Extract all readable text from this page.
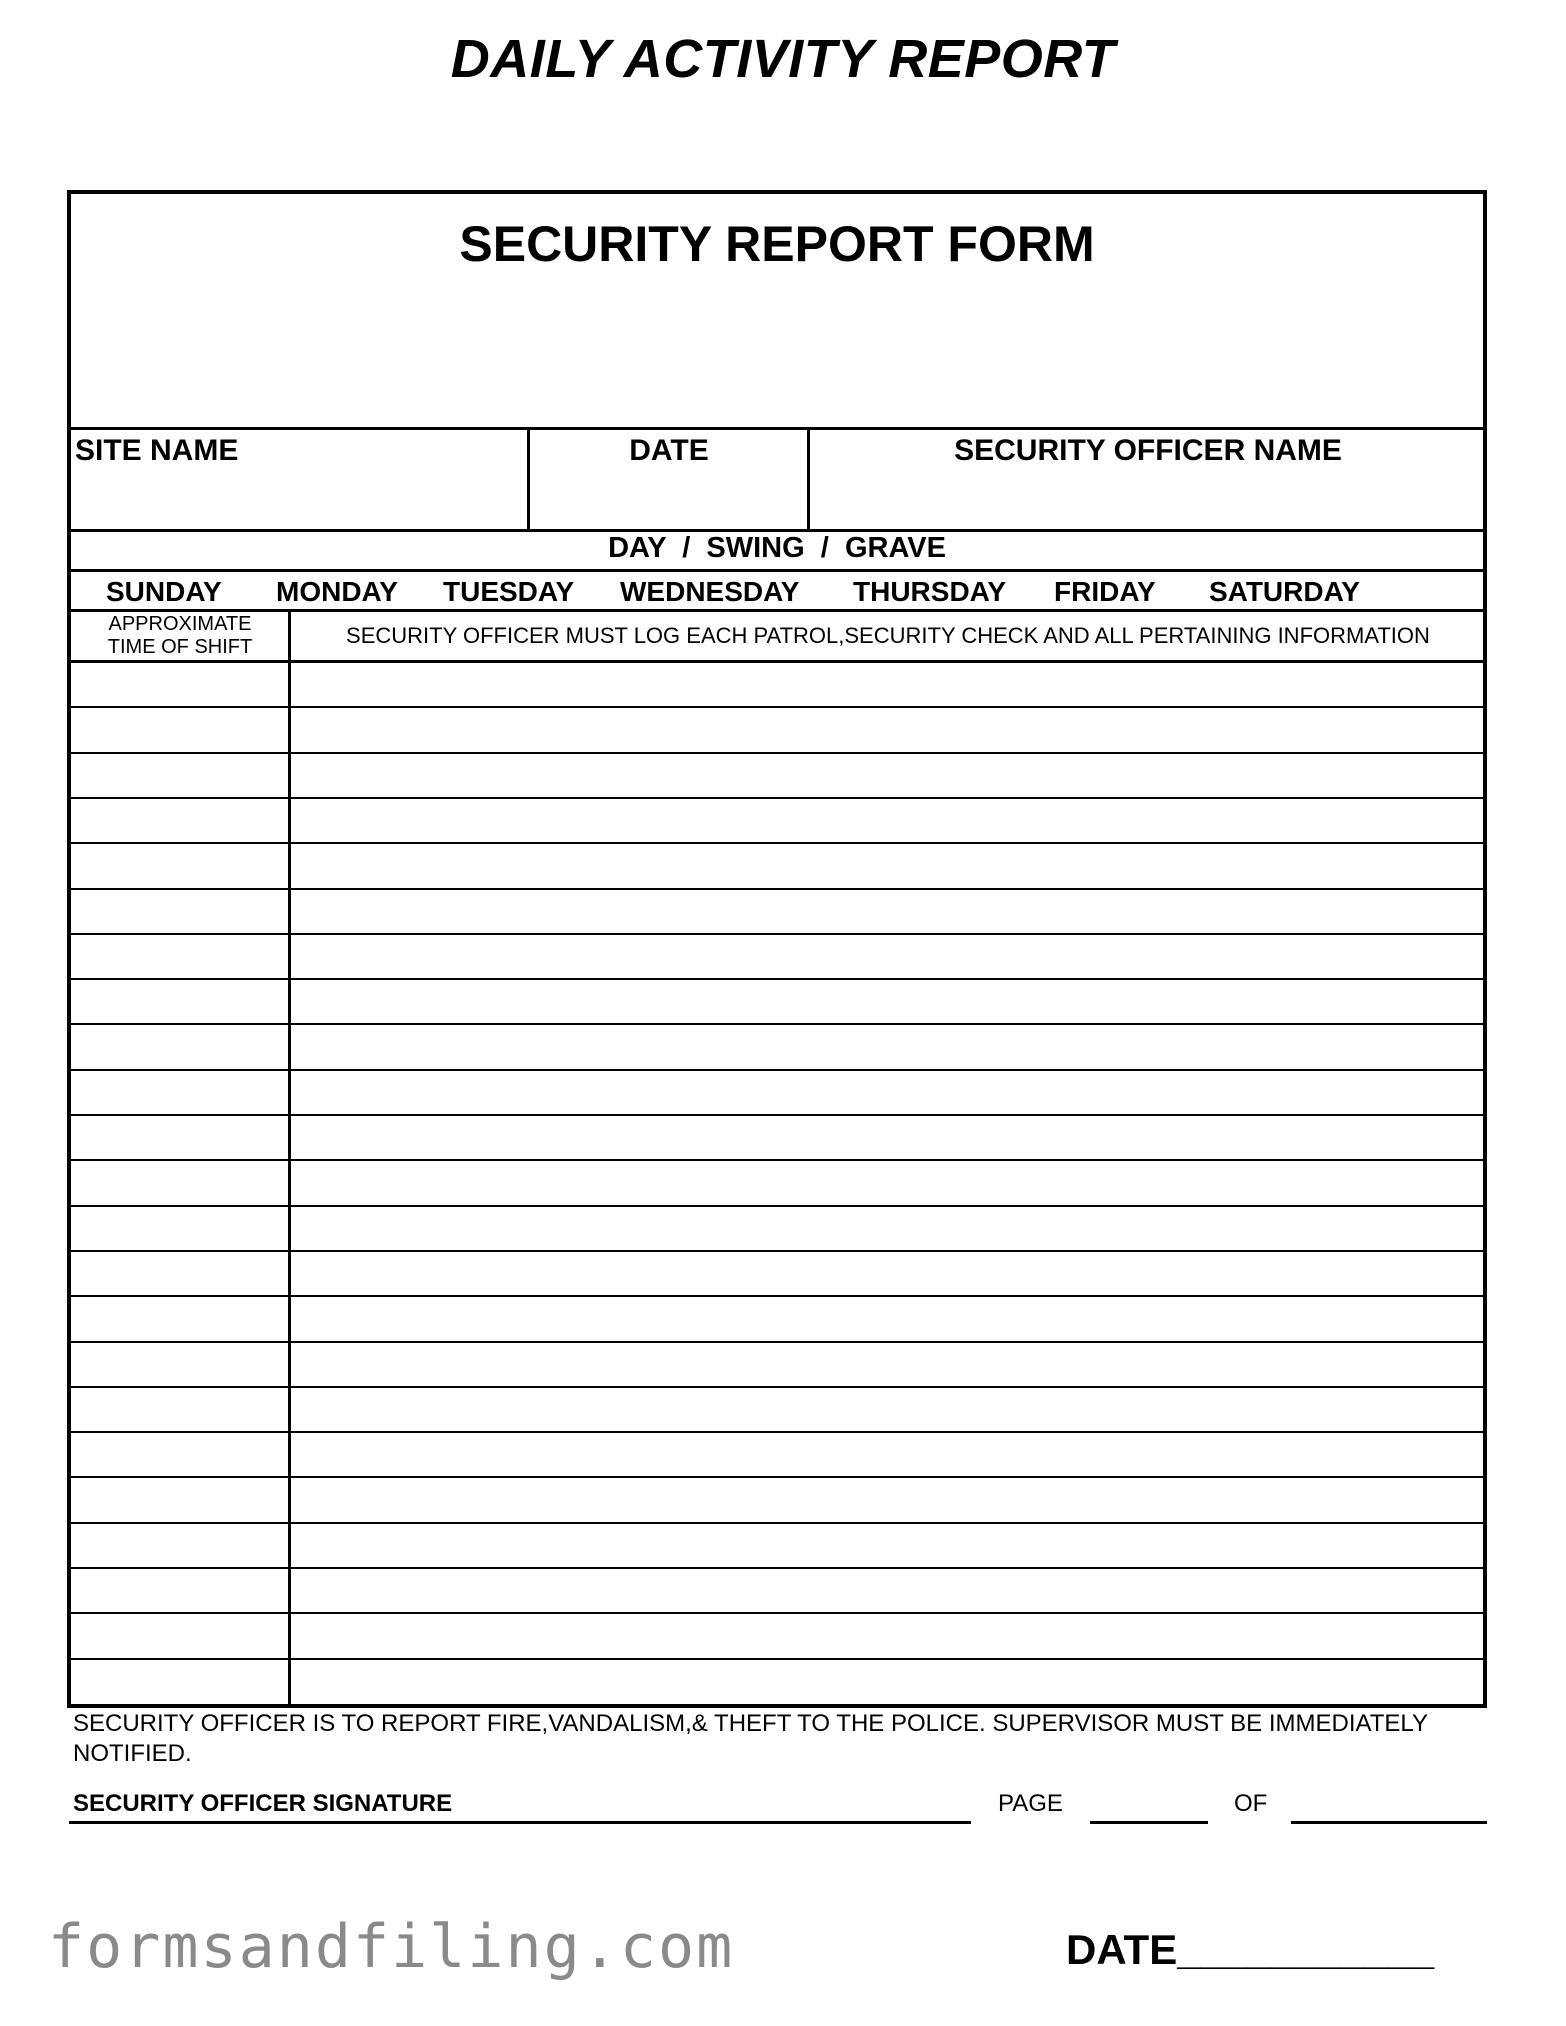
DAILY ACTIVITY REPORT
SECURITY REPORT FORM
SITE NAME	DATE	SECURITY OFFICER NAME
DAY  /  SWING  /  GRAVE
SUNDAY MONDAY TUESDAY WEDNESDAY THURSDAY FRIDAY SATURDAY
APPROXIMATE
TIME OF SHIFT	SECURITY OFFICER MUST LOG EACH PATROL,SECURITY CHECK AND ALL PERTAINING INFORMATION
SECURITY OFFICER IS TO REPORT FIRE,VANDALISM,& THEFT TO THE POLICE. SUPERVISOR MUST BE IMMEDIATELY
NOTIFIED.
SECURITY OFFICER SIGNATURE	PAGE	OF
formsandfiling.com	DATE___________
